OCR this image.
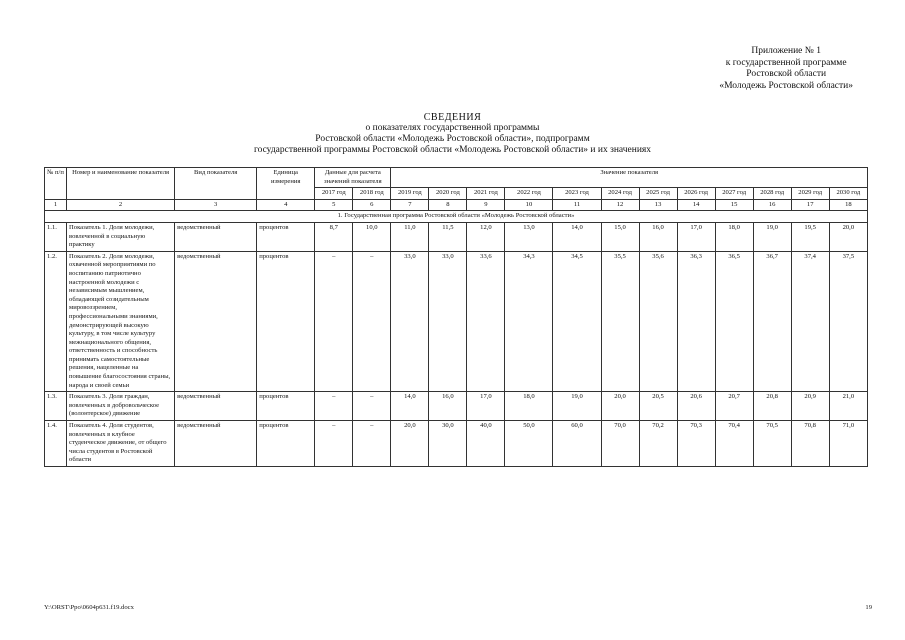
Приложение № 1
к государственной программе
Ростовской области
«Молодежь Ростовской области»
СВЕДЕНИЯ
о показателях государственной программы
Ростовской области «Молодежь Ростовской области», подпрограмм
государственной программы Ростовской области «Молодежь Ростовской области» и их значениях
№ п/п	Номер и наименование показателя	Вид показателя	Единица измерения	Данные для расчета значений показателя		Значение показателя											
				2017 год	2018 год	2019 год	2020 год	2021 год	2022 год	2023 год	2024 год	2025 год	2026 год	2027 год	2028 год	2029 год	2030 год
1	2	3	4	5	6	7	8	9	10	11	12	13	14	15	16	17	18
1. Государственная программа Ростовской области «Молодежь Ростовской области»																	
1.1.	Показатель 1. Доля молодежи, вовлеченной в социальную практику	ведомственный	процентов	8,7	10,0	11,0	11,5	12,0	13,0	14,0	15,0	16,0	17,0	18,0	19,0	19,5	20,0
1.2.	Показатель 2. Доля молодежи, охваченной мероприятиями по воспитанию патриотично настроенной молодежи с независимым мышлением, обладающей созидательным мировоззрением, профессиональными знаниями, демонстрирующей высокую культуру, в том числе культуру межнационального общения, ответственность и способность принимать самостоятельные решения, нацеленные на повышение благосостояния страны, народа и своей семьи	ведомственный	процентов	–	–	33,0	33,0	33,6	34,3	34,5	35,5	35,6	36,3	36,5	36,7	37,4	37,5
1.3.	Показатель 3. Доля граждан, вовлеченных в добровольческое (волонтерское) движение	ведомственный	процентов	–	–	14,0	16,0	17,0	18,0	19,0	20,0	20,5	20,6	20,7	20,8	20,9	21,0
1.4.	Показатель 4. Доля студентов, вовлеченных в клубное студенческое движение, от общего числа студентов в Ростовской области	ведомственный	процентов	–	–	20,0	30,0	40,0	50,0	60,0	70,0	70,2	70,3	70,4	70,5	70,8	71,0
Y:\ORST\Ppo\0604p631.f19.docx	19
